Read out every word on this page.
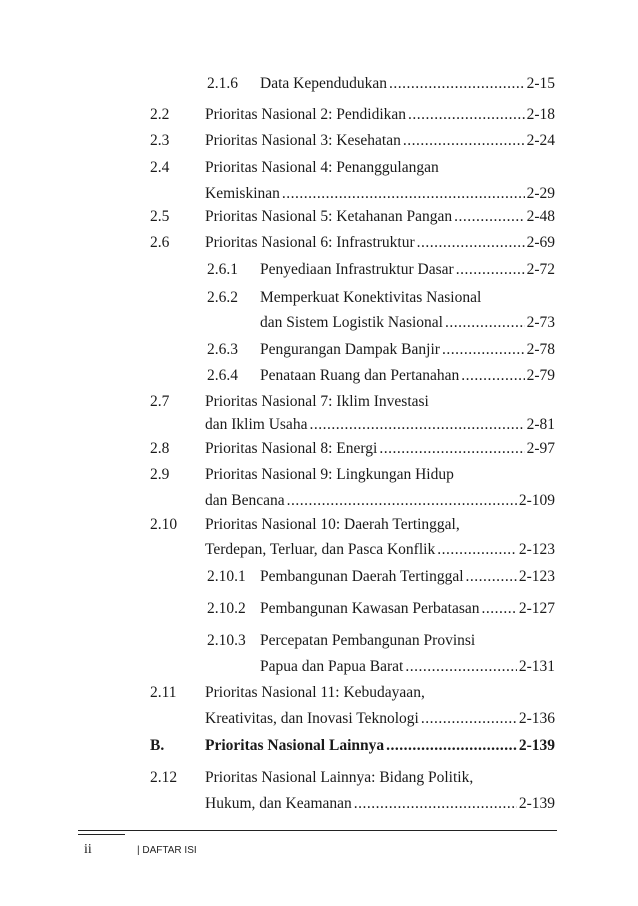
2.1.6 Data Kependudukan .....	2-15
2.2 Prioritas Nasional 2: Pendidikan .....	2-18
2.3 Prioritas Nasional 3: Kesehatan .....	2-24
2.4 Prioritas Nasional 4: Penanggulangan
Kemiskinan .....	2-29
2.5 Prioritas Nasional 5: Ketahanan Pangan .....	2-48
2.6 Prioritas Nasional 6: Infrastruktur .....	2-69
2.6.1 Penyediaan Infrastruktur Dasar .....	2-72
2.6.2 Memperkuat Konektivitas Nasional
dan Sistem Logistik Nasional .....	2-73
2.6.3 Pengurangan Dampak Banjir .....	2-78
2.6.4 Penataan Ruang dan Pertanahan .....	2-79
2.7 Prioritas Nasional 7: Iklim Investasi
dan Iklim Usaha .....	2-81
2.8 Prioritas Nasional 8: Energi .....	2-97
2.9 Prioritas Nasional 9: Lingkungan Hidup
dan Bencana .....	2-109
2.10 Prioritas Nasional 10: Daerah Tertinggal,
Terdepan, Terluar, dan Pasca Konflik .....	2-123
2.10.1 Pembangunan Daerah Tertinggal .....	2-123
2.10.2 Pembangunan Kawasan Perbatasan .....	2-127
2.10.3 Percepatan Pembangunan Provinsi
Papua dan Papua Barat .....	2-131
2.11 Prioritas Nasional 11: Kebudayaan,
Kreativitas, dan Inovasi Teknologi .....	2-136
B.	Prioritas Nasional Lainnya .....	2-139
2.12 Prioritas Nasional Lainnya: Bidang Politik,
Hukum, dan Keamanan .....	2-139
ii	| DAFTAR ISI
